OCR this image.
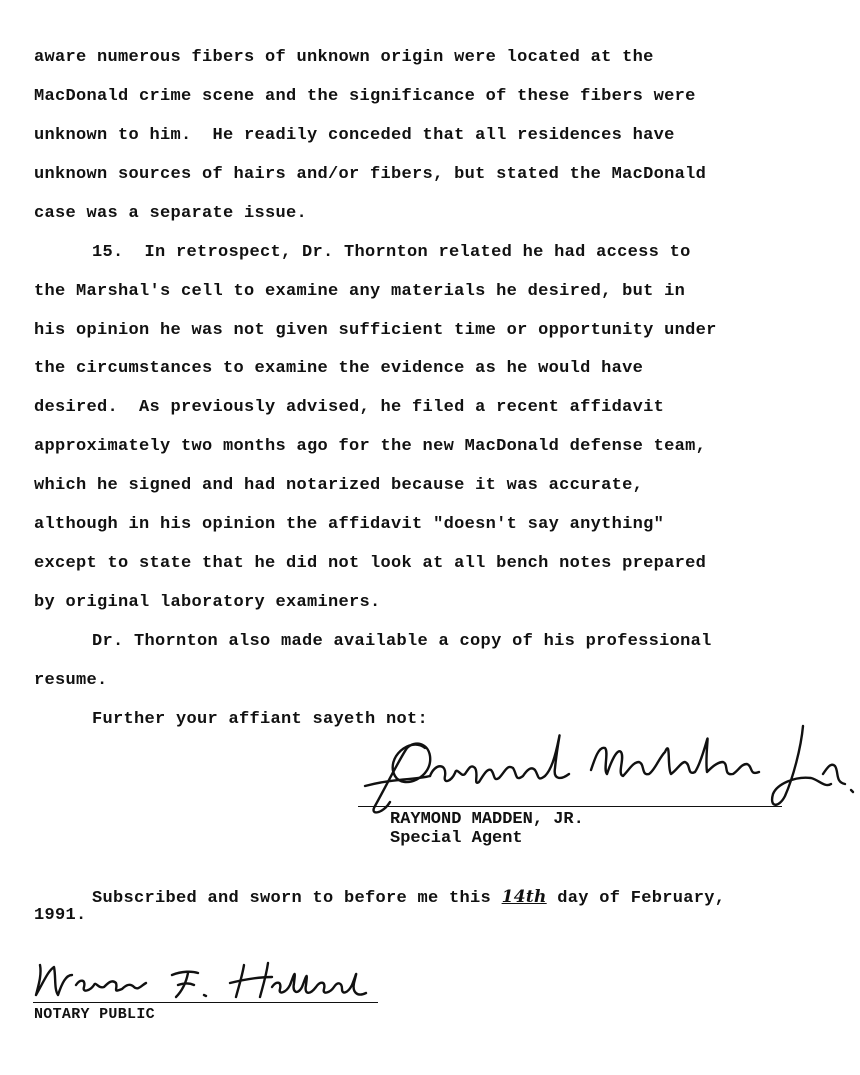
aware numerous fibers of unknown origin were located at the
MacDonald crime scene and the significance of these fibers were
unknown to him.  He readily conceded that all residences have
unknown sources of hairs and/or fibers, but stated the MacDonald
case was a separate issue.
15.  In retrospect, Dr. Thornton related he had access to
the Marshal's cell to examine any materials he desired, but in
his opinion he was not given sufficient time or opportunity under
the circumstances to examine the evidence as he would have
desired.  As previously advised, he filed a recent affidavit
approximately two months ago for the new MacDonald defense team,
which he signed and had notarized because it was accurate,
although in his opinion the affidavit "doesn't say anything"
except to state that he did not look at all bench notes prepared
by original laboratory examiners.
Dr. Thornton also made available a copy of his professional
resume.
Further your affiant sayeth not:
RAYMOND MADDEN, JR.
Special Agent
Subscribed and sworn to before me this 14th day of February,
1991.
NOTARY PUBLIC
